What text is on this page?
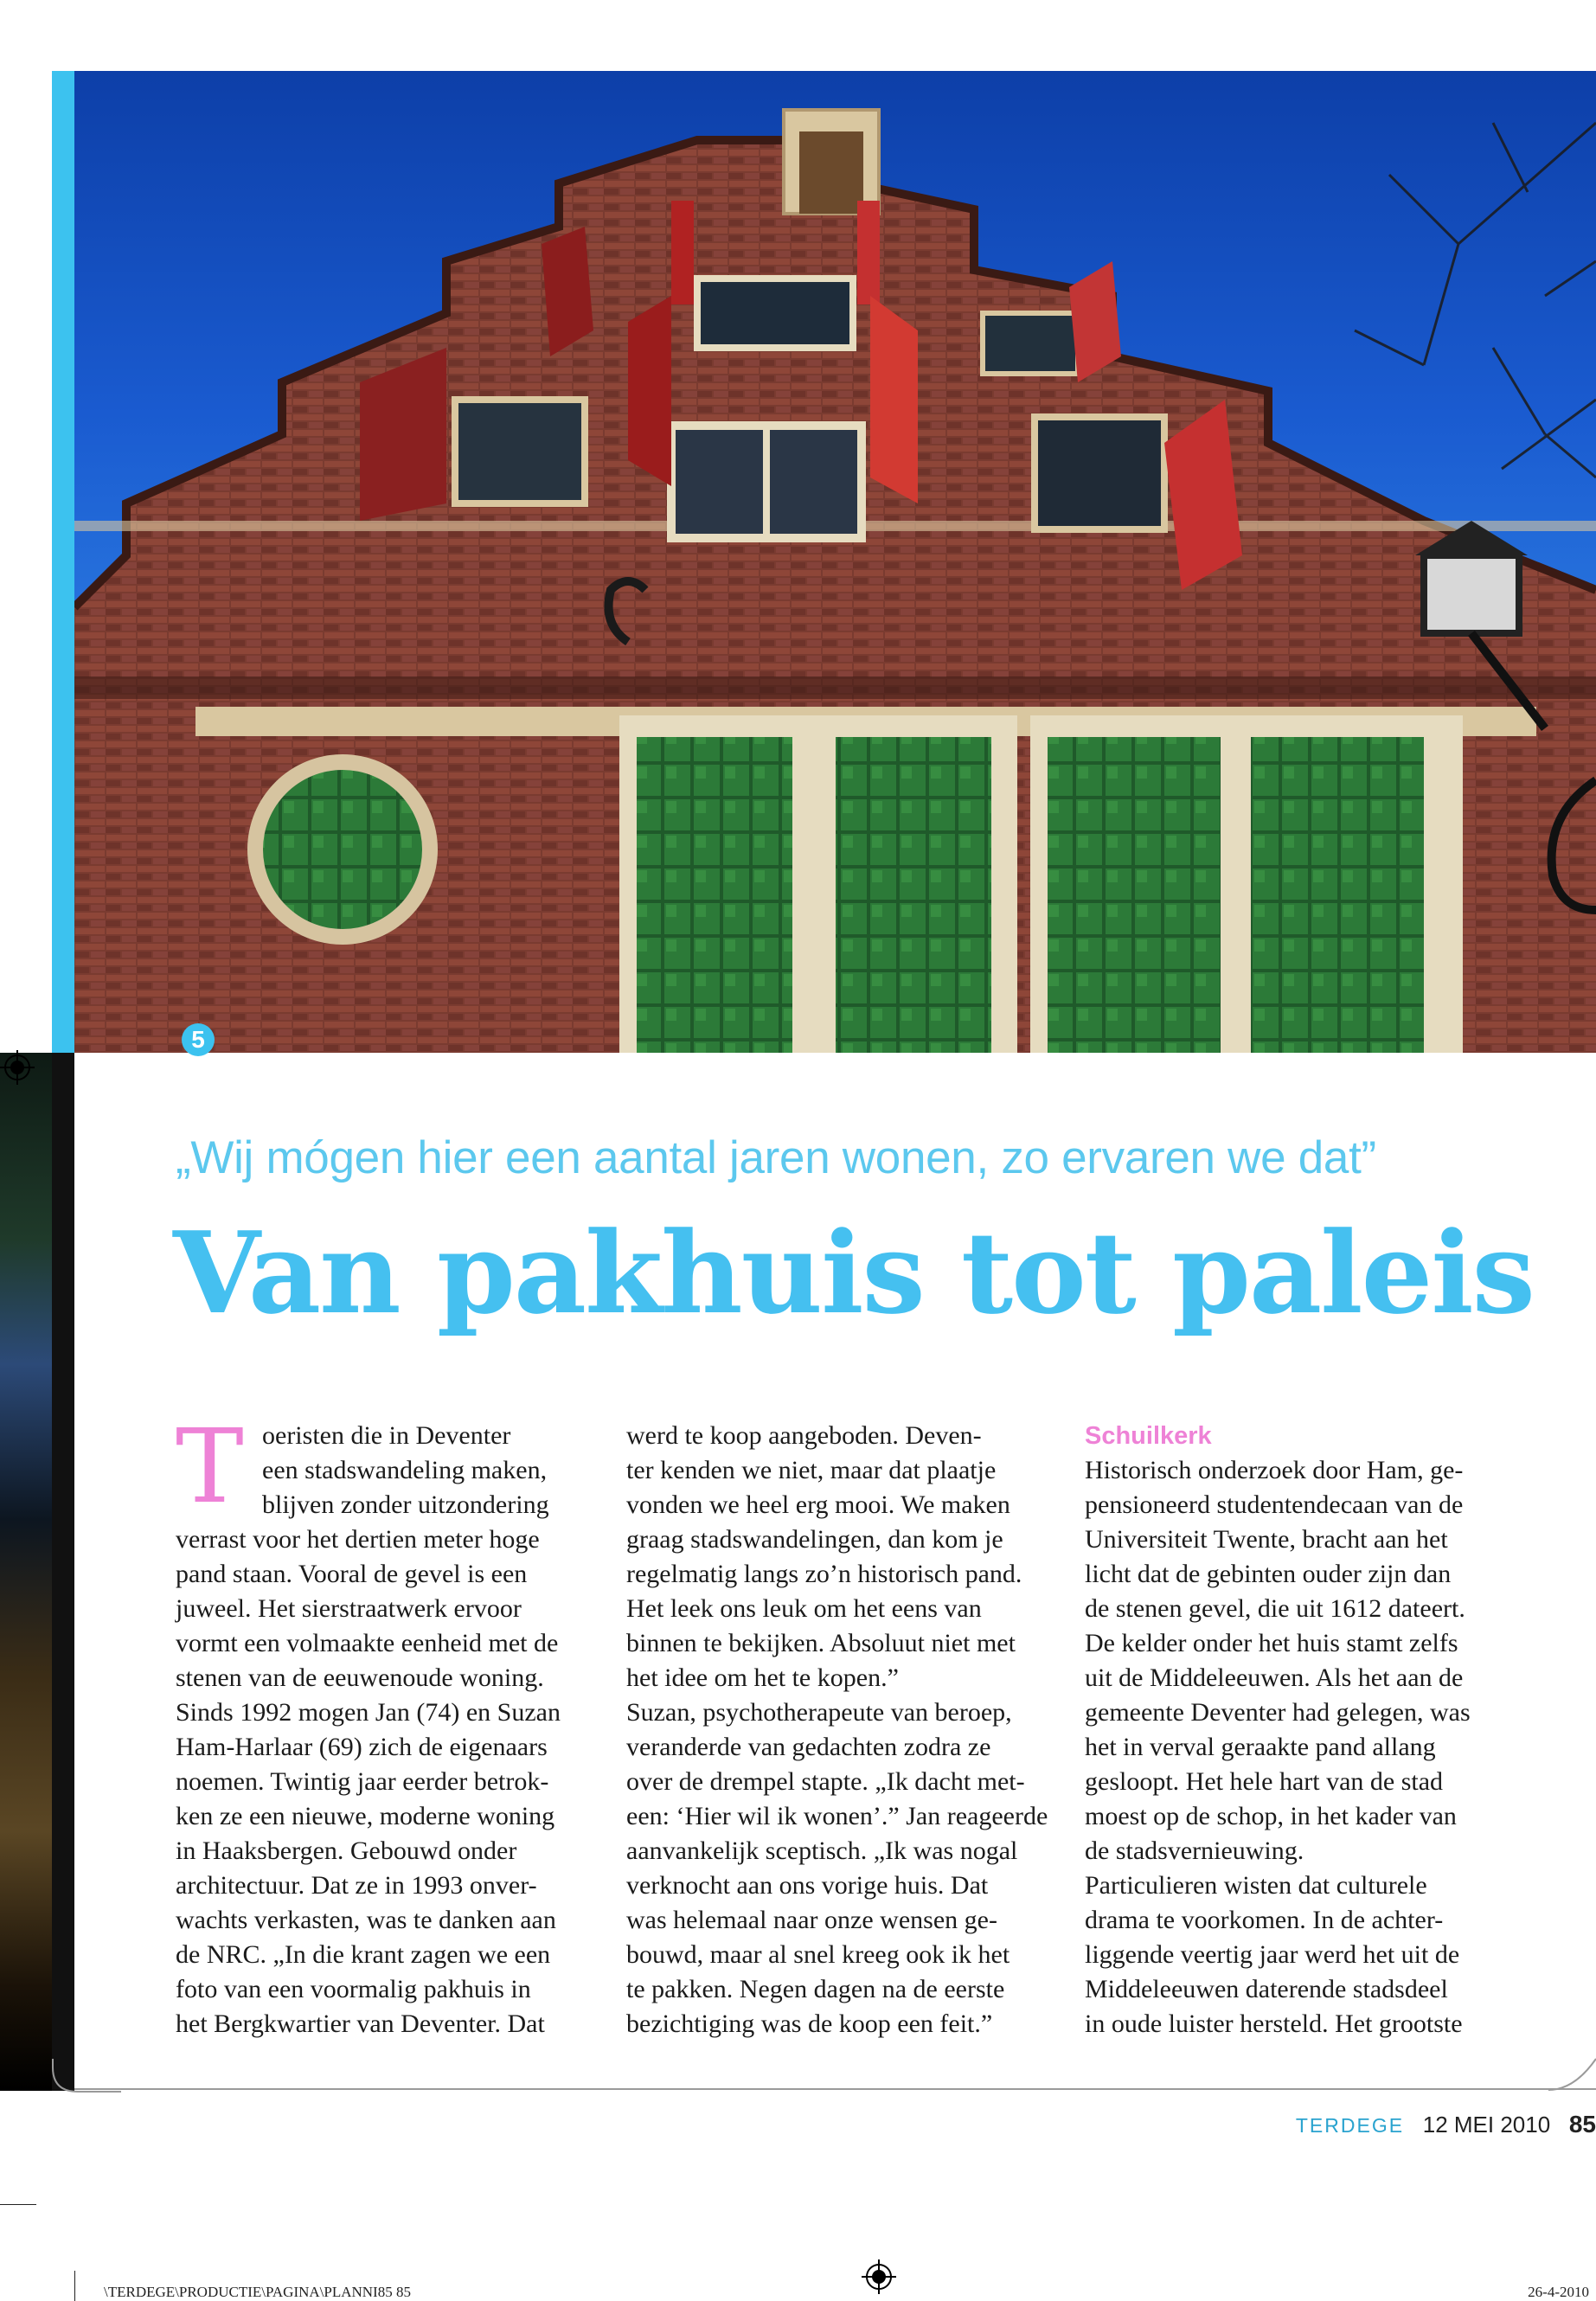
5
„Wij mógen hier een aantal jaren wonen, zo ervaren we dat”
Van pakhuis tot paleis
T oeristen die in Deventer
een stadswandeling maken,
blijven zonder uitzondering
verrast voor het dertien meter hoge
pand staan. Vooral de gevel is een
juweel. Het sierstraatwerk ervoor
vormt een volmaakte eenheid met de
stenen van de eeuwenoude woning.
Sinds 1992 mogen Jan (74) en Suzan
Ham-Harlaar (69) zich de eigenaars
noemen. Twintig jaar eerder betrok-
ken ze een nieuwe, moderne woning
in Haaksbergen. Gebouwd onder
architectuur. Dat ze in 1993 onver-
wachts verkasten, was te danken aan
de NRC. „In die krant zagen we een
foto van een voormalig pakhuis in
het Bergkwartier van Deventer. Dat
werd te koop aangeboden. Deven-
ter kenden we niet, maar dat plaatje
vonden we heel erg mooi. We maken
graag stadswandelingen, dan kom je
regelmatig langs zo’n historisch pand.
Het leek ons leuk om het eens van
binnen te bekijken. Absoluut niet met
het idee om het te kopen.”
Suzan, psychotherapeute van beroep,
veranderde van gedachten zodra ze
over de drempel stapte. „Ik dacht met-
een: ‘Hier wil ik wonen’.” Jan reageerde
aanvankelijk sceptisch. „Ik was nogal
verknocht aan ons vorige huis. Dat
was helemaal naar onze wensen ge-
bouwd, maar al snel kreeg ook ik het
te pakken. Negen dagen na de eerste
bezichtiging was de koop een feit.”
Schuilkerk
Historisch onderzoek door Ham, ge-
pensioneerd studentendecaan van de
Universiteit Twente, bracht aan het
licht dat de gebinten ouder zijn dan
de stenen gevel, die uit 1612 dateert.
De kelder onder het huis stamt zelfs
uit de Middeleeuwen. Als het aan de
gemeente Deventer had gelegen, was
het in verval geraakte pand allang
gesloopt. Het hele hart van de stad
moest op de schop, in het kader van
de stadsvernieuwing.
Particulieren wisten dat culturele
drama te voorkomen. In de achter-
liggende veertig jaar werd het uit de
Middeleeuwen daterende stadsdeel
in oude luister hersteld. Het grootste
TERDEGE 12 MEI 2010 85
\TERDEGE\PRODUCTIE\PAGINA\PLANNI85 85	26-4-2010
